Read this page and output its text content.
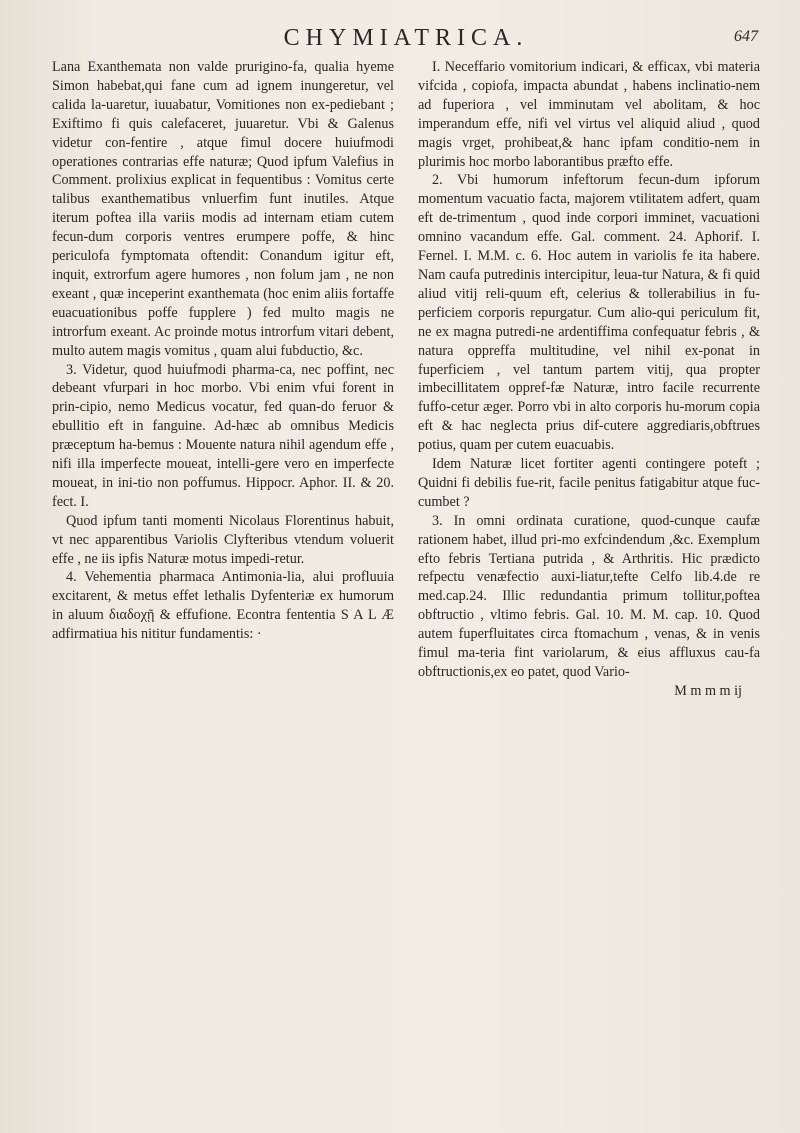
CHYMIATRICA.	647

Lana Exanthemata non valde prurigino-fa, qualia hyeme Simon habebat,qui fane cum ad ignem inungeretur, vel calida la-uaretur, iuuabatur, Vomitiones non ex-pediebant ; Exiftimo fi quis calefaceret, juuaretur. Vbi & Galenus videtur con-fentire , atque fimul docere huiufmodi operationes contrarias effe naturæ; Quod ipfum Valefius in Comment. prolixius explicat in fequentibus : Vomitus certe talibus exanthematibus vnluerfim funt inutiles. Atque iterum poftea illa variis modis ad internam etiam cutem fecun-dum corporis ventres erumpere poffe, & hinc periculofa fymptomata oftendit: Conandum igitur eft, inquit, extrorfum agere humores , non folum jam , ne non exeant , quæ inceperint exanthemata (hoc enim aliis fortaffe euacuationibus poffe fupplere ) fed multo magis ne introrfum exeant. Ac proinde motus introrfum vitari debent, multo autem magis vomitus , quam alui fubductio, &c.

3. Videtur, quod huiufmodi pharma-ca, nec poffint, nec debeant vfurpari in hoc morbo. Vbi enim vfui forent in prin-cipio, nemo Medicus vocatur, fed quan-do feruor & ebullitio eft in fanguine. Ad-hæc ab omnibus Medicis præceptum ha-bemus : Mouente natura nihil agendum effe , nifi illa imperfecte moueat, intelli-gere vero en imperfecte moueat, in ini-tio non poffumus. Hippocr. Aphor. II. & 20. fect. I.

Quod ipfum tanti momenti Nicolaus Florentinus habuit, vt nec apparentibus Variolis Clyfteribus vtendum voluerit effe , ne iis ipfis Naturæ motus impedi-retur.

4. Vehementia pharmaca Antimonia-lia, alui profluuia excitarent, & metus effet lethalis Dyfenteriæ ex humorum in aluum διαδοχῇ & effufione. Econtra fententia S A L Æ adfirmatiua his nititur fundamentis: ·

I. Neceffario vomitorium indicari, & efficax, vbi materia vifcida , copiofa, impacta abundat , habens inclinatio-nem ad fuperiora , vel imminutam vel abolitam, & hoc imperandum effe, nifi vel virtus vel aliquid aliud , quod magis vrget, prohibeat,& hanc ipfam conditio-nem in plurimis hoc morbo laborantibus præfto effe.

2. Vbi humorum infeftorum fecun-dum ipforum momentum vacuatio facta, majorem vtilitatem adfert, quam eft de-trimentum , quod inde corpori imminet, vacuationi omnino vacandum effe. Gal. comment. 24. Aphorif. I. Fernel. I. M.M. c. 6. Hoc autem in variolis fe ita habere. Nam caufa putredinis intercipitur, leua-tur Natura, & fi quid aliud vitij reli-quum eft, celerius & tollerabilius in fu-perficiem corporis repurgatur. Cum alio-qui periculum fit, ne ex magna putredi-ne ardentiffima confequatur febris , & natura oppreffa multitudine, vel nihil ex-ponat in fuperficiem , vel tantum partem vitij, qua propter imbecillitatem oppref-fæ Naturæ, intro facile recurrente fuffo-cetur æger. Porro vbi in alto corporis hu-morum copia eft & hac neglecta prius dif-cutere aggrediaris,obftrues potius, quam per cutem euacuabis.

Idem Naturæ licet fortiter agenti contingere poteft ; Quidni fi debilis fue-rit, facile penitus fatigabitur atque fuc-cumbet ?

3. In omni ordinata curatione, quod-cunque caufæ rationem habet, illud pri-mo exfcindendum ,&c. Exemplum efto febris Tertiana putrida , & Arthritis. Hic prædicto refpectu venæfectio auxi-liatur,tefte Celfo lib.4.de re med.cap.24. Illic redundantia primum tollitur,poftea obftructio , vltimo febris. Gal. 10. M. M. cap. 10. Quod autem fuperfluitates circa ftomachum , venas, & in venis fimul ma-teria fint variolarum, & eius affluxus cau-fa obftructionis,ex eo patet, quod Vario-

M m m m ij
